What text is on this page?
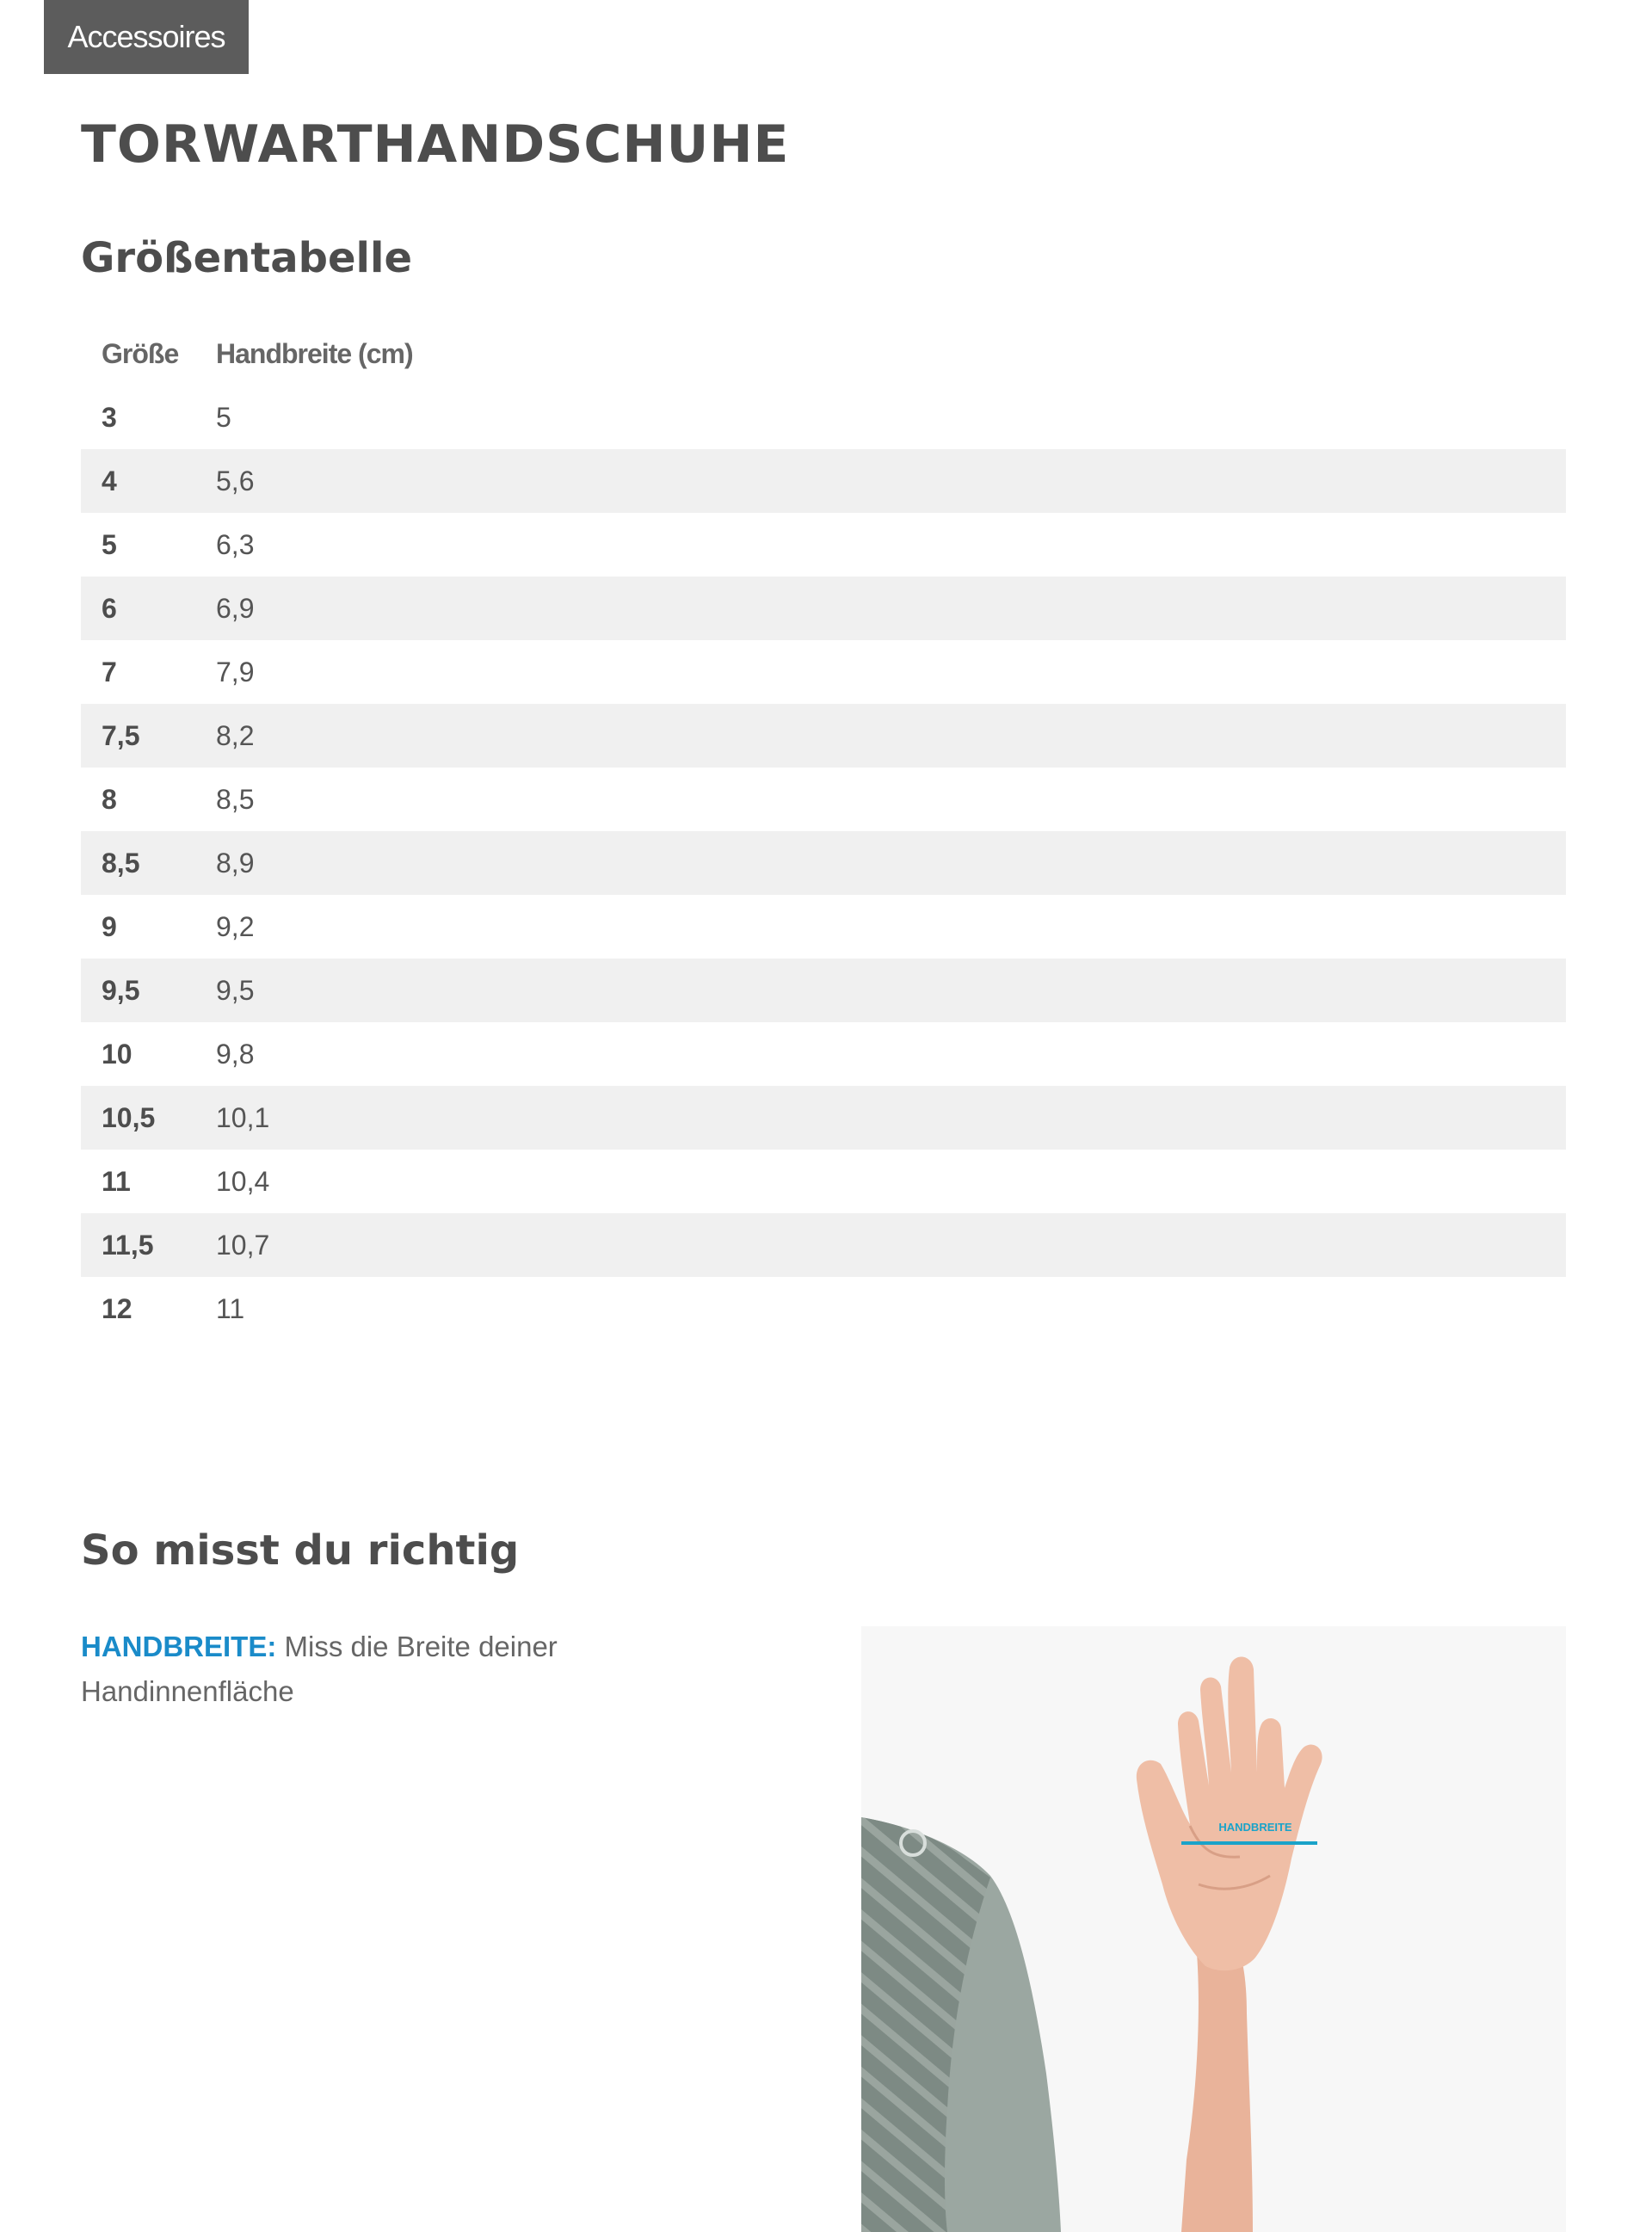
Accessoires
TORWARTHANDSCHUHE
Größentabelle
Größe	Handbreite (cm)
3	5
4	5,6
5	6,3
6	6,9
7	7,9
7,5	8,2
8	8,5
8,5	8,9
9	9,2
9,5	9,5
10	9,8
10,5	10,1
11	10,4
11,5	10,7
12	11
So misst du richtig

HANDBREITE: Miss die Breite deiner Handinnenfläche

HANDBREITE
